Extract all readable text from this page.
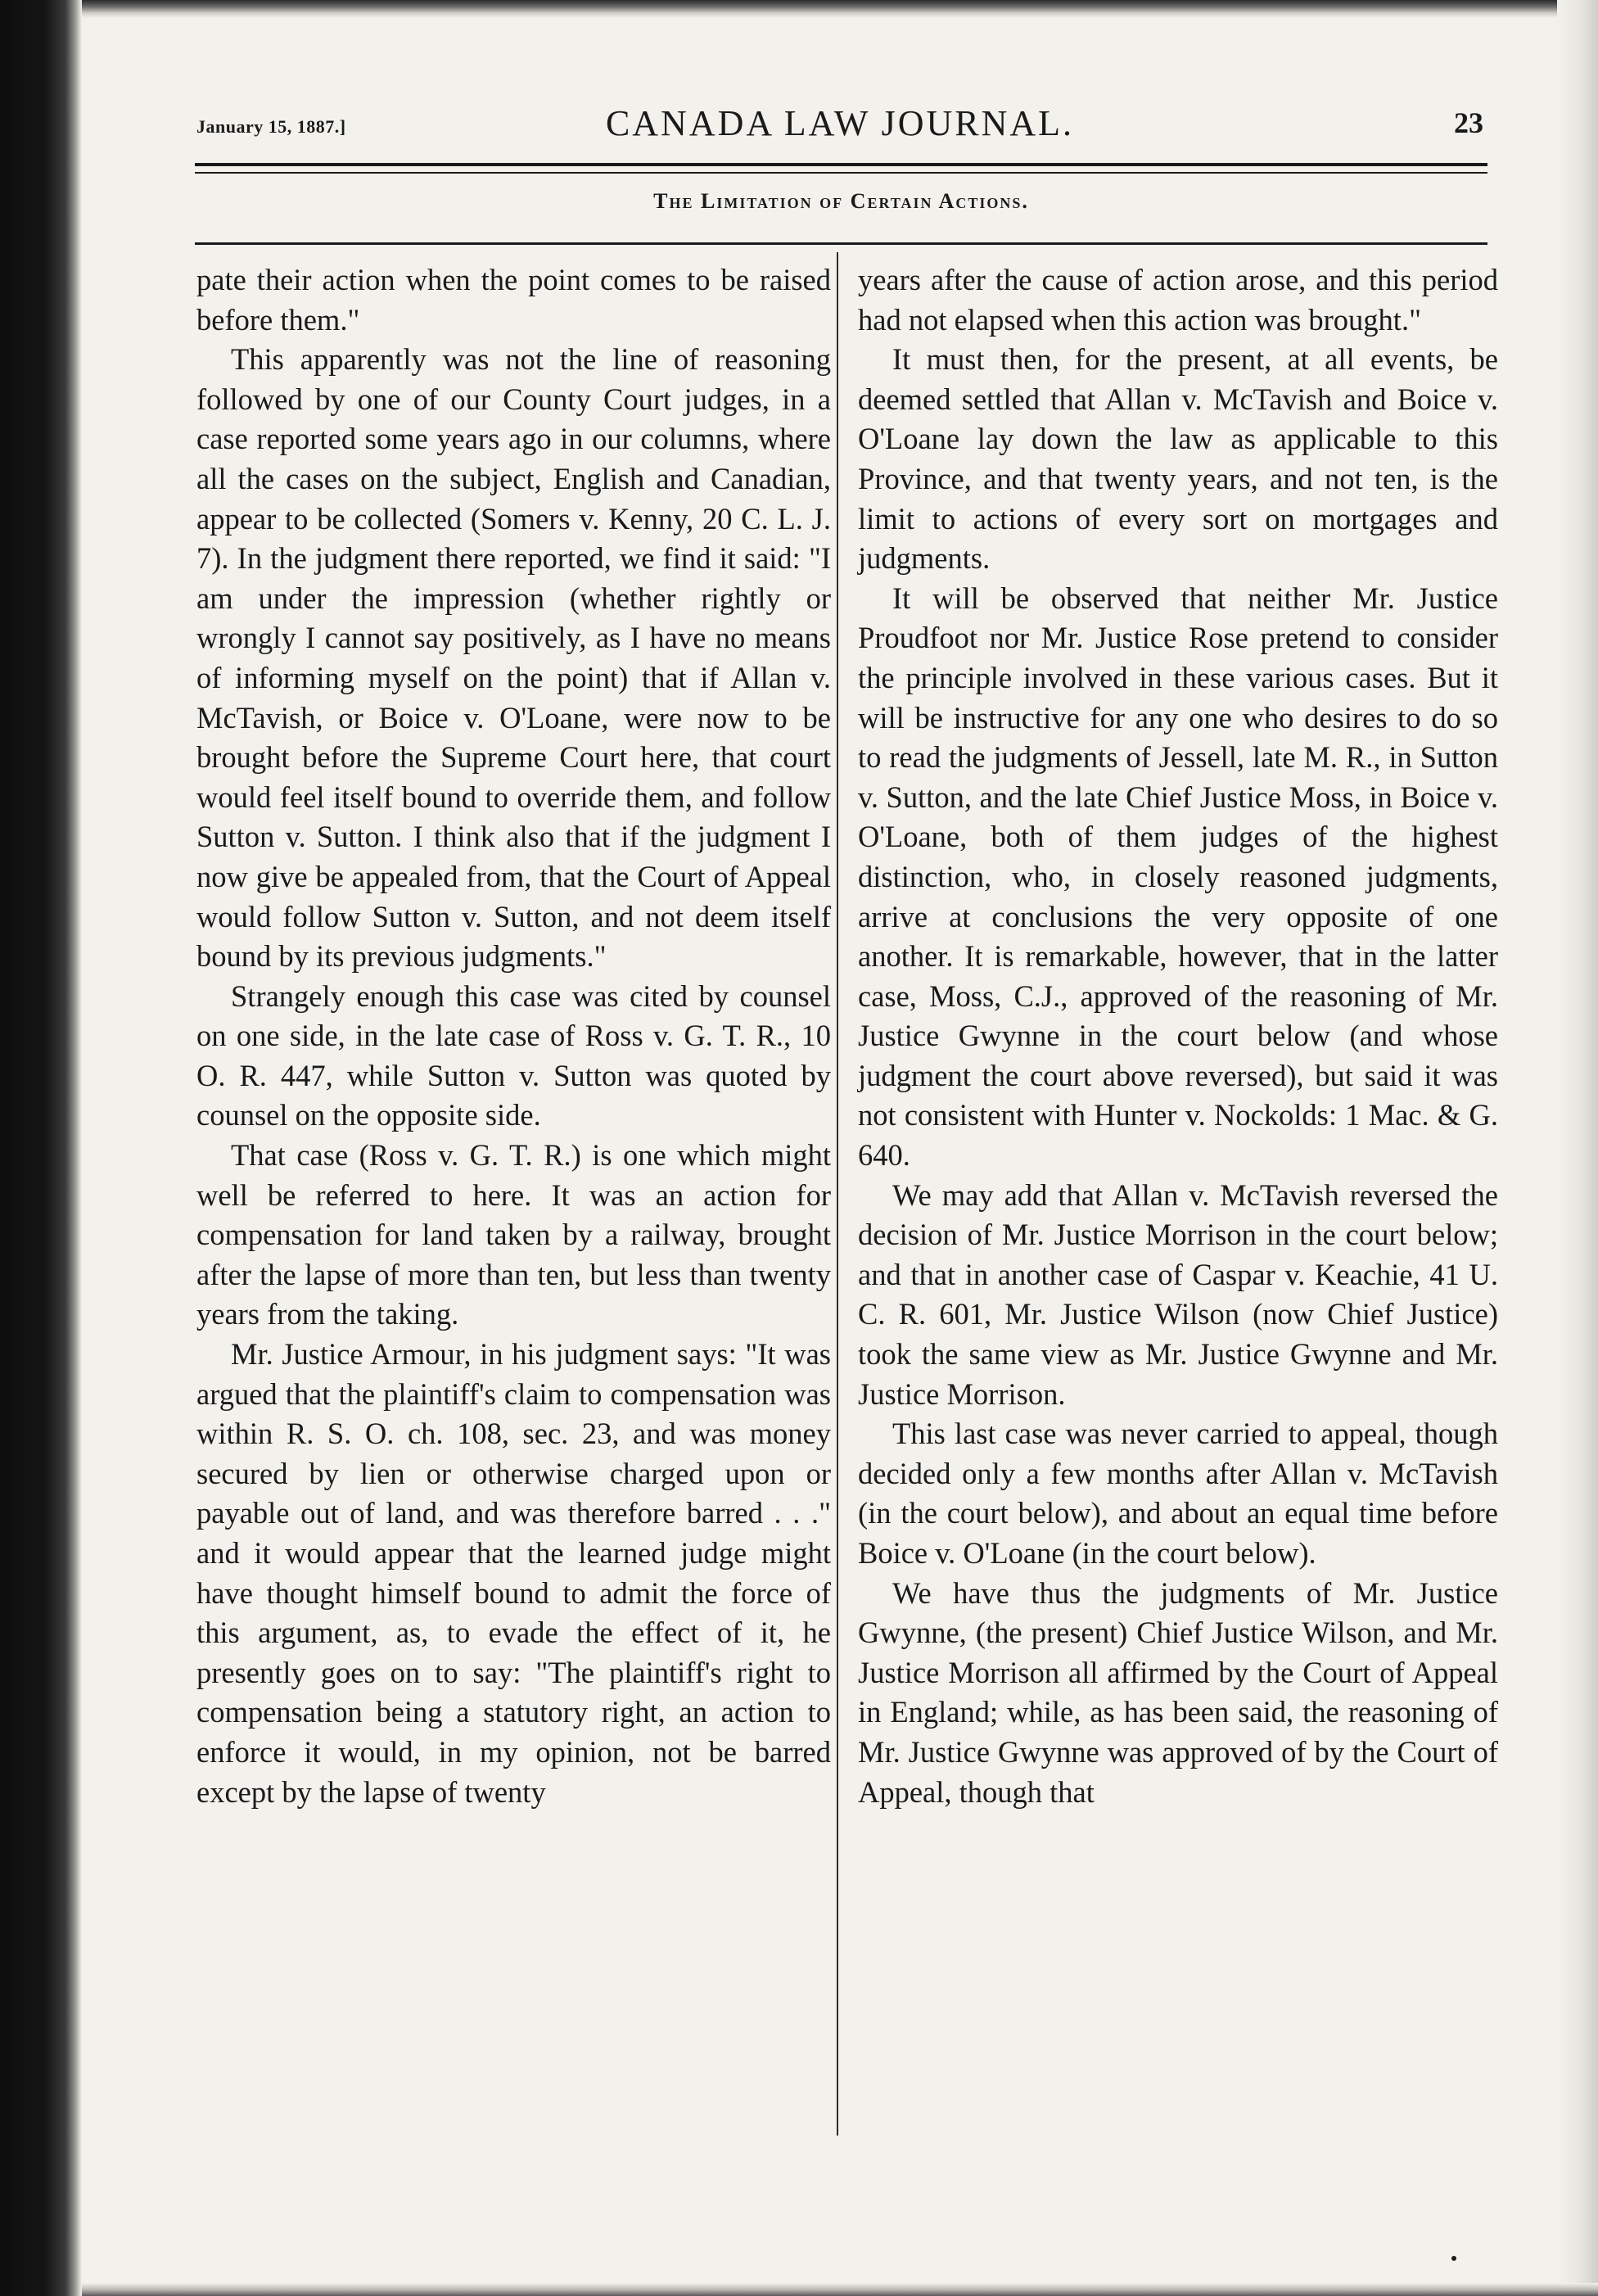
January 15, 1887.]	CANADA LAW JOURNAL.	23
The Limitation of Certain Actions.

pate their action when the point comes to be raised before them."

This apparently was not the line of reasoning followed by one of our County Court judges, in a case reported some years ago in our columns, where all the cases on the subject, English and Canadian, appear to be collected (Somers v. Kenny, 20 C. L. J. 7). In the judgment there reported, we find it said: "I am under the impression (whether rightly or wrongly I cannot say positively, as I have no means of informing myself on the point) that if Allan v. McTavish, or Boice v. O'Loane, were now to be brought before the Supreme Court here, that court would feel itself bound to override them, and follow Sutton v. Sutton. I think also that if the judgment I now give be appealed from, that the Court of Appeal would follow Sutton v. Sutton, and not deem itself bound by its previous judgments."

Strangely enough this case was cited by counsel on one side, in the late case of Ross v. G. T. R., 10 O. R. 447, while Sutton v. Sutton was quoted by counsel on the opposite side.

That case (Ross v. G. T. R.) is one which might well be referred to here. It was an action for compensation for land taken by a railway, brought after the lapse of more than ten, but less than twenty years from the taking.

Mr. Justice Armour, in his judgment says: "It was argued that the plaintiff's claim to compensation was within R. S. O. ch. 108, sec. 23, and was money secured by lien or otherwise charged upon or payable out of land, and was therefore barred . . ." and it would appear that the learned judge might have thought himself bound to admit the force of this argument, as, to evade the effect of it, he presently goes on to say: "The plaintiff's right to compensation being a statutory right, an action to enforce it would, in my opinion, not be barred except by the lapse of twenty

years after the cause of action arose, and this period had not elapsed when this action was brought."

It must then, for the present, at all events, be deemed settled that Allan v. McTavish and Boice v. O'Loane lay down the law as applicable to this Province, and that twenty years, and not ten, is the limit to actions of every sort on mortgages and judgments.

It will be observed that neither Mr. Justice Proudfoot nor Mr. Justice Rose pretend to consider the principle involved in these various cases. But it will be instructive for any one who desires to do so to read the judgments of Jessell, late M. R., in Sutton v. Sutton, and the late Chief Justice Moss, in Boice v. O'Loane, both of them judges of the highest distinction, who, in closely reasoned judgments, arrive at conclusions the very opposite of one another. It is remarkable, however, that in the latter case, Moss, C.J., approved of the reasoning of Mr. Justice Gwynne in the court below (and whose judgment the court above reversed), but said it was not consistent with Hunter v. Nockolds: 1 Mac. & G. 640.

We may add that Allan v. McTavish reversed the decision of Mr. Justice Morrison in the court below; and that in another case of Caspar v. Keachie, 41 U. C. R. 601, Mr. Justice Wilson (now Chief Justice) took the same view as Mr. Justice Gwynne and Mr. Justice Morrison.

This last case was never carried to appeal, though decided only a few months after Allan v. McTavish (in the court below), and about an equal time before Boice v. O'Loane (in the court below).

We have thus the judgments of Mr. Justice Gwynne, (the present) Chief Justice Wilson, and Mr. Justice Morrison all affirmed by the Court of Appeal in England; while, as has been said, the reasoning of Mr. Justice Gwynne was approved of by the Court of Appeal, though that
